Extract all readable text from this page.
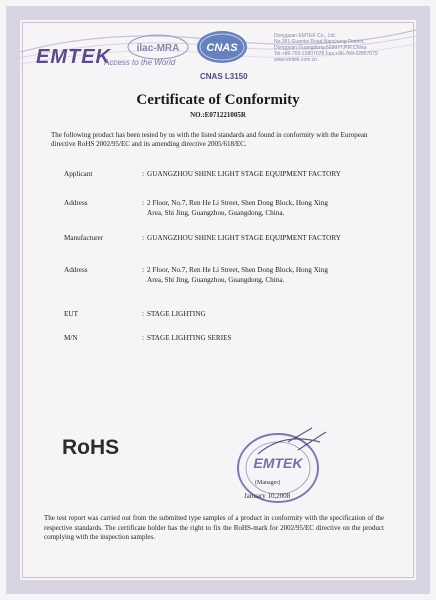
EMTEK
Access to the World
ilac-MRA CNAS
CNAS L3150
Dongguan EMTEK Co., Ltd.
No.281,Guantai Road,Nancheng District,
Dongguan,Guangdong,523077,P.R.China
Tel:+86-769-22807078 Fax:+86-769-22807079
www.emtek.com.cn
Certificate of Conformity
NO.:E071221005R
The following product has been tested by us with the listed standards and found in conformity with the European directive RoHS 2002/95/EC and its amending directive 2005/618/EC.
Applicant	: GUANGZHOU SHINE LIGHT STAGE EQUIPMENT FACTORY
Address	: 2 Floor, No.7, Ren He Li Street, Shen Dong Block, Hong Xing Area, Shi Jing, Guangzhou, Guangdong, China.
Manufacturer	: GUANGZHOU SHINE LIGHT STAGE EQUIPMENT FACTORY
Address	: 2 Floor, No.7, Ren He Li Street, Shen Dong Block, Hong Xing Area, Shi Jing, Guangzhou, Guangdong, China.
EUT	: STAGE LIGHTING
M/N	: STAGE LIGHTING SERIES
RoHS
EMTEK
(Manager)
January 10,2008
The test report was carried out from the submitted type samples of a product in conformity with the specification of the respective standards. The certificate holder has the right to fix the RoHS-mark for 2002/95/EC directive on the product complying with the inspection samples.
